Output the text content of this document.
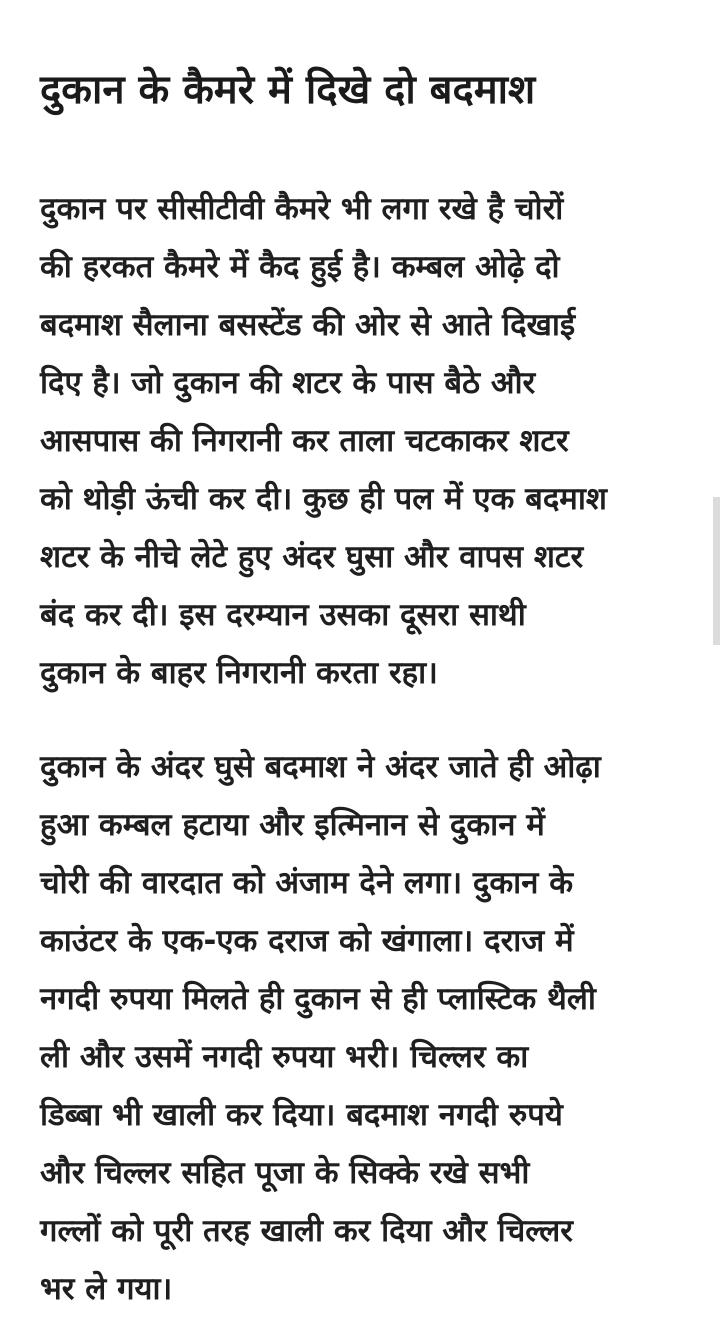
दुकान के कैमरे में दिखे दो बदमाश

दुकान पर सीसीटीवी कैमरे भी लगा रखे है चोरों
की हरकत कैमरे में कैद हुई है। कम्बल ओढ़े दो
बदमाश सैलाना बसस्टेंड की ओर से आते दिखाई
दिए है। जो दुकान की शटर के पास बैठे और
आसपास की निगरानी कर ताला चटकाकर शटर
को थोड़ी ऊंची कर दी। कुछ ही पल में एक बदमाश
शटर के नीचे लेटे हुए अंदर घुसा और वापस शटर
बंद कर दी। इस दरम्यान उसका दूसरा साथी
दुकान के बाहर निगरानी करता रहा।

दुकान के अंदर घुसे बदमाश ने अंदर जाते ही ओढ़ा
हुआ कम्बल हटाया और इत्मिनान से दुकान में
चोरी की वारदात को अंजाम देने लगा। दुकान के
काउंटर के एक-एक दराज को खंगाला। दराज में
नगदी रुपया मिलते ही दुकान से ही प्लास्टिक थैली
ली और उसमें नगदी रुपया भरी। चिल्लर का
डिब्बा भी खाली कर दिया। बदमाश नगदी रुपये
और चिल्लर सहित पूजा के सिक्के रखे सभी
गल्लों को पूरी तरह खाली कर दिया और चिल्लर
भर ले गया।
